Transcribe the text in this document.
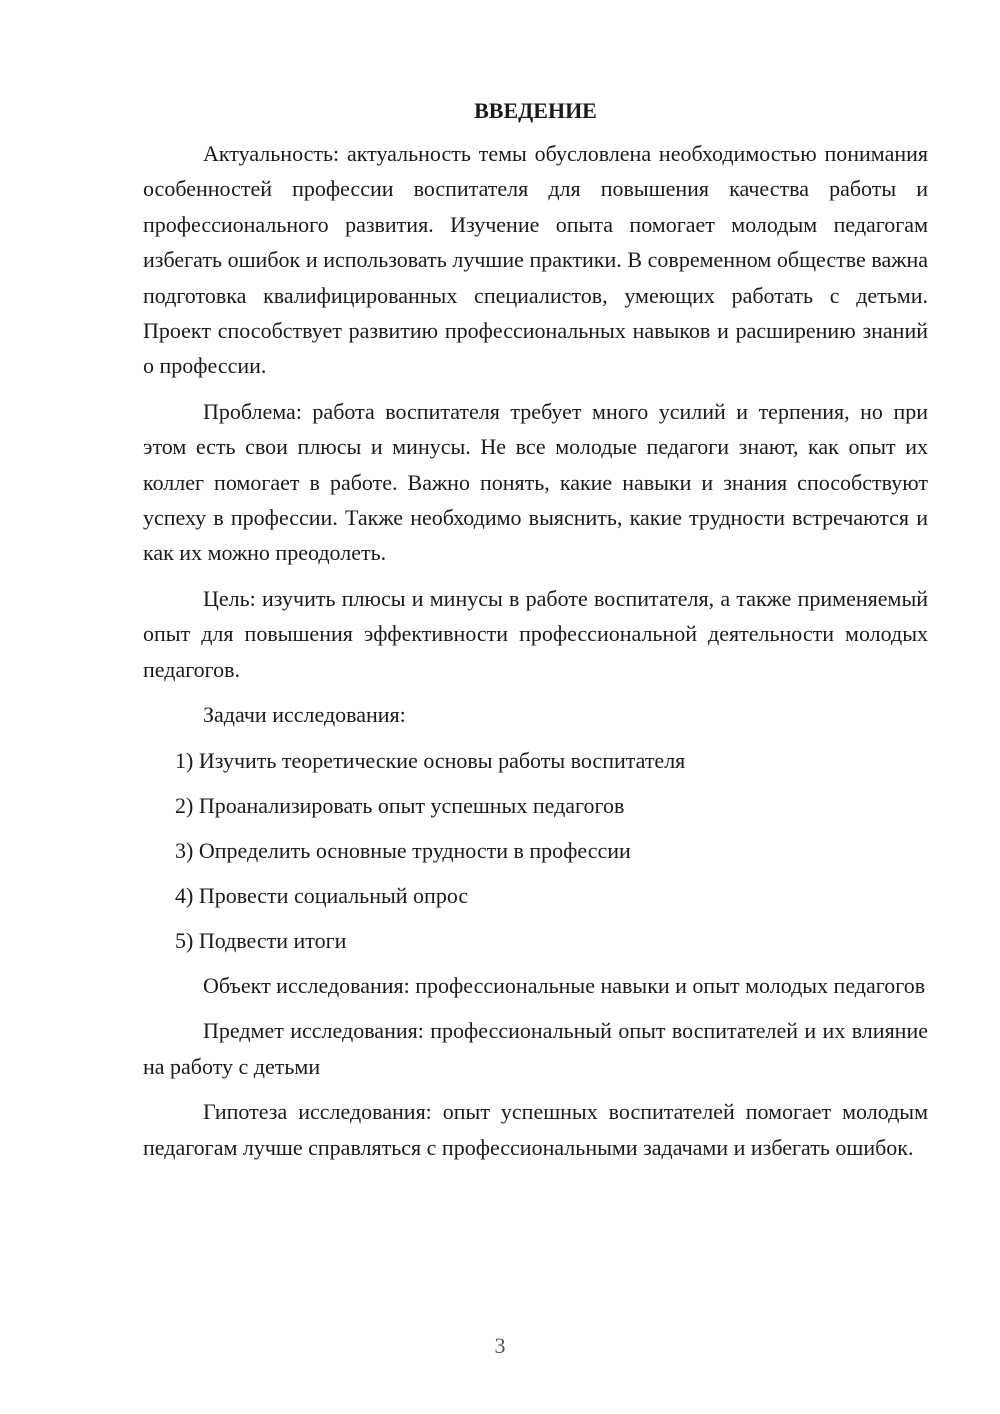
ВВЕДЕНИЕ

Актуальность: актуальность темы обусловлена необходимостью понимания особенностей профессии воспитателя для повышения качества работы и профессионального развития. Изучение опыта помогает молодым педагогам избегать ошибок и использовать лучшие практики. В современном обществе важна подготовка квалифицированных специалистов, умеющих работать с детьми. Проект способствует развитию профессиональных навыков и расширению знаний о профессии.

Проблема: работа воспитателя требует много усилий и терпения, но при этом есть свои плюсы и минусы. Не все молодые педагоги знают, как опыт их коллег помогает в работе. Важно понять, какие навыки и знания способствуют успеху в профессии. Также необходимо выяснить, какие трудности встречаются и как их можно преодолеть.

Цель: изучить плюсы и минусы в работе воспитателя, а также применяемый опыт для повышения эффективности профессиональной деятельности молодых педагогов.

Задачи исследования:

1) Изучить теоретические основы работы воспитателя
2) Проанализировать опыт успешных педагогов
3) Определить основные трудности в профессии
4) Провести социальный опрос
5) Подвести итоги

Объект исследования: профессиональные навыки и опыт молодых педагогов

Предмет исследования: профессиональный опыт воспитателей и их влияние на работу с детьми

Гипотеза исследования: опыт успешных воспитателей помогает молодым педагогам лучше справляться с профессиональными задачами и избегать ошибок.

3
